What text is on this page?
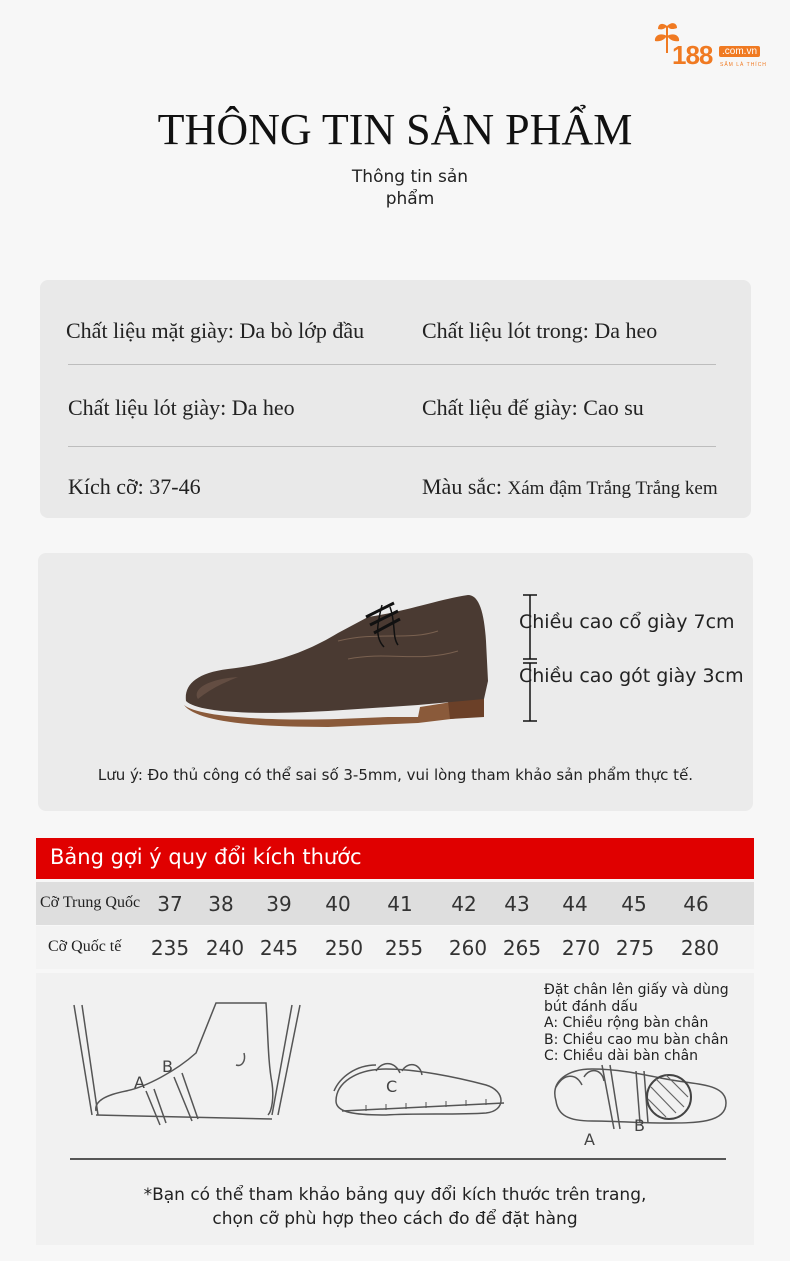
188 .com.vn
SẮM LÀ THÍCH
THÔNG TIN SẢN PHẨM
Thông tin sản
phẩm
Chất liệu mặt giày: Da bò lớp đầu	Chất liệu lót trong: Da heo
Chất liệu lót giày: Da heo	Chất liệu đế giày: Cao su
Kích cỡ: 37-46	Màu sắc: Xám đậm Trắng Trắng kem
Chiều cao cổ giày 7cm
Chiều cao gót giày 3cm
Lưu ý: Đo thủ công có thể sai số 3-5mm, vui lòng tham khảo sản phẩm thực tế.
Bảng gợi ý quy đổi kích thước
Cỡ Trung Quốc 37	38	39	40	41	42	43	44	45	46
Cỡ Quốc tế 235 240 245 250 255 260 265 270 275 280
A
B
C
A
B
Đặt chân lên giấy và dùng
bút đánh dấu
A: Chiều rộng bàn chân
B: Chiều cao mu bàn chân
C: Chiều dài bàn chân
*Bạn có thể tham khảo bảng quy đổi kích thước trên trang,
chọn cỡ phù hợp theo cách đo để đặt hàng
